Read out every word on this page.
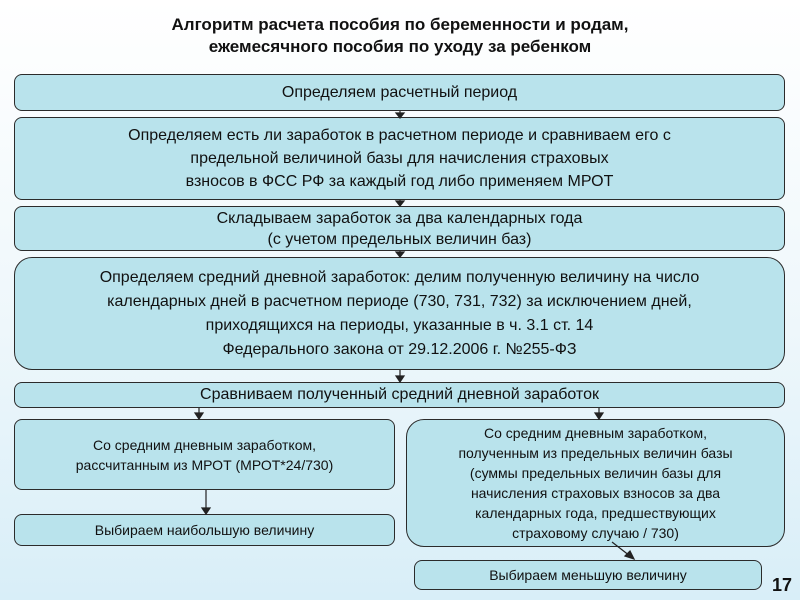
Алгоритм расчета пособия по беременности и родам,
ежемесячного пособия по уходу за ребенком
Определяем расчетный период
Определяем есть ли заработок в расчетном периоде и сравниваем его с
предельной величиной базы для начисления страховых
взносов в ФСС РФ за каждый год либо применяем МРОТ
Складываем заработок за два календарных года
(с учетом предельных величин баз)
Определяем средний дневной заработок: делим полученную величину на число
календарных дней в расчетном периоде (730, 731, 732) за исключением дней,
приходящихся на периоды, указанные в ч. 3.1 ст. 14
Федерального закона от 29.12.2006 г. №255-ФЗ
Сравниваем полученный средний дневной заработок
Со средним дневным заработком,
рассчитанным из МРОТ (МРОТ*24/730)
Выбираем наибольшую величину
Со средним дневным заработком,
полученным из предельных величин базы
(суммы предельных величин базы для
начисления страховых взносов за два
календарных года, предшествующих
страховому случаю / 730)
Выбираем меньшую величину	17
